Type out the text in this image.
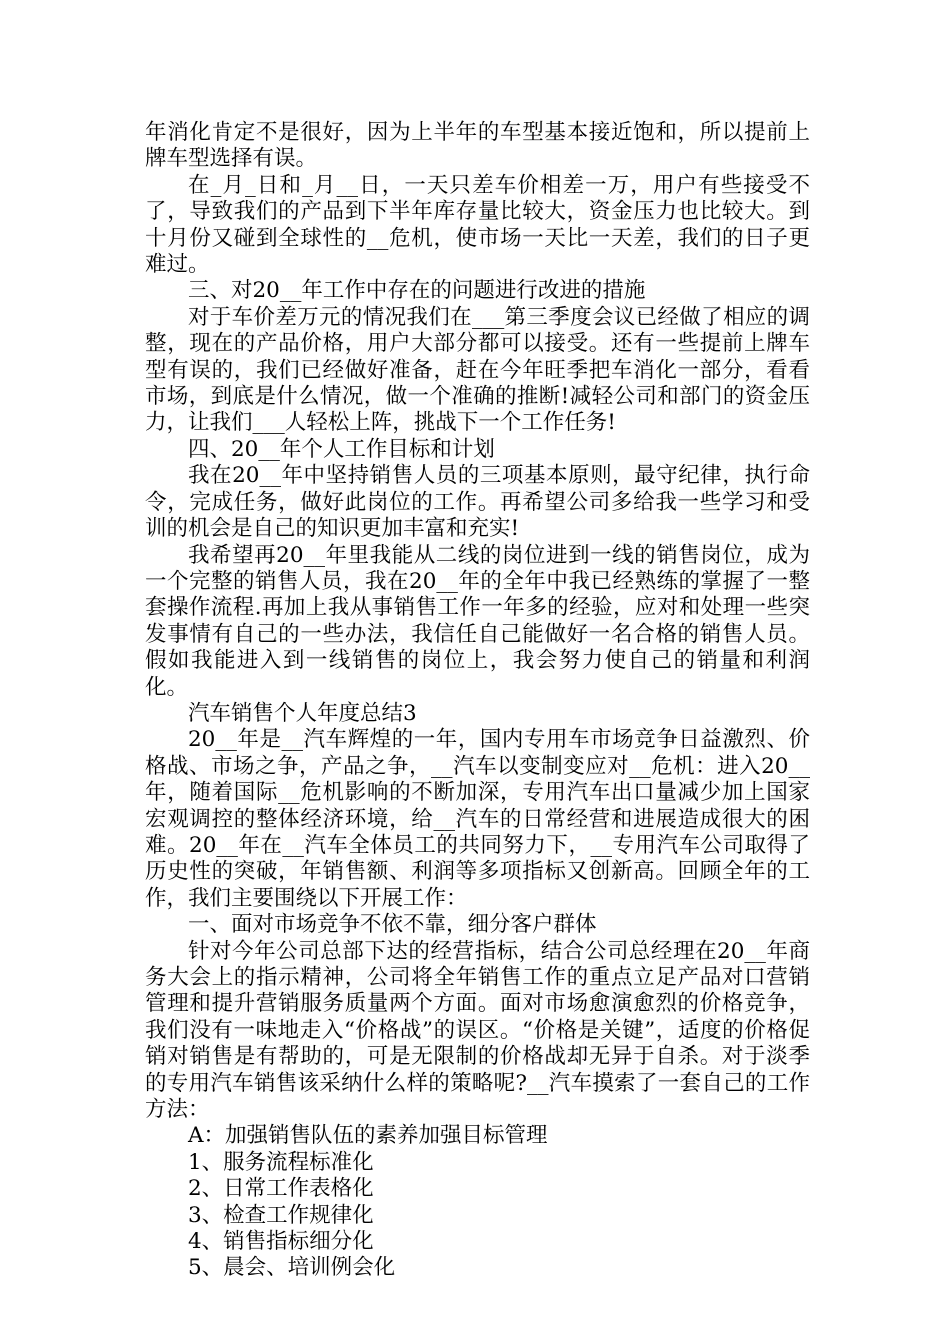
年消化肯定不是很好，因为上半年的车型基本接近饱和，所以提前上牌车型选择有误。

在_月_日和_月__日，一天只差车价相差一万，用户有些接受不了，导致我们的产品到下半年库存量比较大，资金压力也比较大。到十月份又碰到全球性的__危机，使市场一天比一天差，我们的日子更难过。

三、对20__年工作中存在的问题进行改进的措施

对于车价差万元的情况我们在___第三季度会议已经做了相应的调整，现在的产品价格，用户大部分都可以接受。还有一些提前上牌车型有误的，我们已经做好准备，赶在今年旺季把车消化一部分，看看市场，到底是什么情况，做一个准确的推断!减轻公司和部门的资金压力，让我们___人轻松上阵，挑战下一个工作任务!

四、20__年个人工作目标和计划

我在20__年中坚持销售人员的三项基本原则，最守纪律，执行命令，完成任务，做好此岗位的工作。再希望公司多给我一些学习和受训的机会是自己的知识更加丰富和充实!

我希望再20__年里我能从二线的岗位进到一线的销售岗位，成为一个完整的销售人员，我在20__年的全年中我已经熟练的掌握了一整套操作流程.再加上我从事销售工作一年多的经验，应对和处理一些突发事情有自己的一些办法，我信任自己能做好一名合格的销售人员。假如我能进入到一线销售的岗位上，我会努力使自己的销量和利润化。

汽车销售个人年度总结3

20__年是__汽车辉煌的一年，国内专用车市场竞争日益激烈、价格战、市场之争，产品之争，__汽车以变制变应对__危机：进入20__年，随着国际__危机影响的不断加深，专用汽车出口量减少加上国家宏观调控的整体经济环境，给__汽车的日常经营和进展造成很大的困难。20__年在__汽车全体员工的共同努力下，__专用汽车公司取得了历史性的突破，年销售额、利润等多项指标又创新高。回顾全年的工作，我们主要围绕以下开展工作：

一、面对市场竞争不依不靠，细分客户群体

针对今年公司总部下达的经营指标，结合公司总经理在20__年商务大会上的指示精神，公司将全年销售工作的重点立足产品对口营销管理和提升营销服务质量两个方面。面对市场愈演愈烈的价格竞争，我们没有一味地走入“价格战”的误区。“价格是关键”，适度的价格促销对销售是有帮助的，可是无限制的价格战却无异于自杀。对于淡季的专用汽车销售该采纳什么样的策略呢?__汽车摸索了一套自己的工作方法：

A：加强销售队伍的素养加强目标管理

1、服务流程标准化

2、日常工作表格化

3、检查工作规律化

4、销售指标细分化

5、晨会、培训例会化
